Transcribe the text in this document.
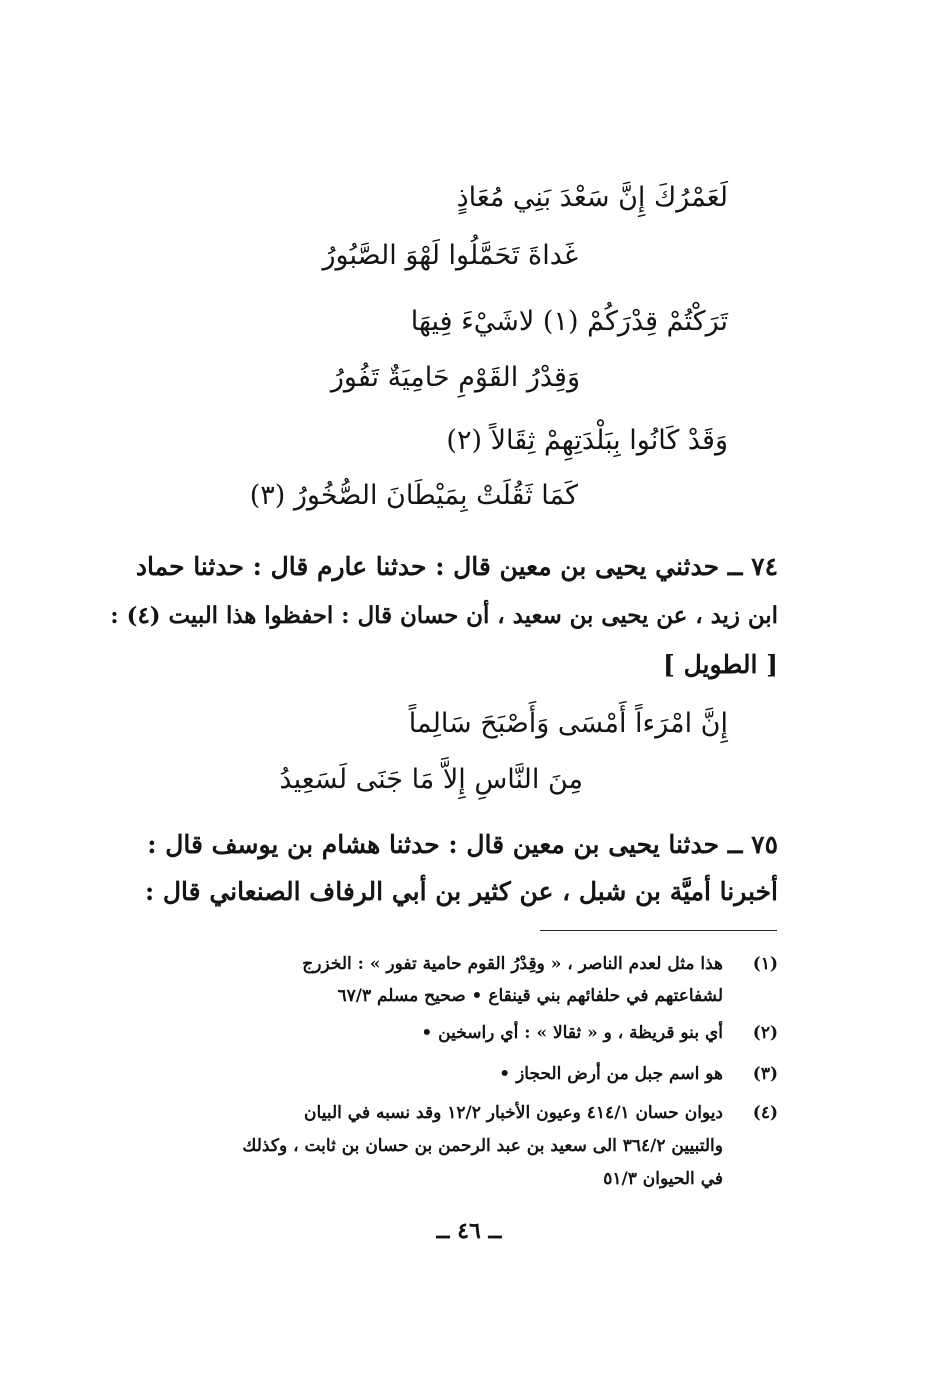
لَعَمْرُكَ إِنَّ سَعْدَ بَنِي مُعَاذٍ
غَداةَ تَحَمَّلُوا لَهْوَ الصَّبُورُ
تَرَكْتُمْ قِدْرَكُمْ (١) لاشَيْءَ فِيهَا
وَقِدْرُ القَوْمِ حَامِيَةٌ تَفُورُ
وَقَدْ كَانُوا بِبَلْدَتِهِمْ ثِقَالاً (٢)
كَمَا ثَقُلَتْ بِمَيْطَانَ الصُّخُورُ (٣)
٧٤ ــ حدثني يحيى بن معين قال : حدثنا عارم قال : حدثنا حماد
ابن زيد ، عن يحيى بن سعيد ، أن حسان قال : احفظوا هذا البيت (٤) :
[ الطويل ]
إِنَّ امْرَءاً أَمْسَى وَأَصْبَحَ سَالِماً
مِنَ النَّاسِ إِلاَّ مَا جَنَى لَسَعِيدُ
٧٥ ــ حدثنا يحيى بن معين قال : حدثنا هشام بن يوسف قال :
أخبرنا أميَّة بن شبل ، عن كثير بن أبي الرفاف الصنعاني قال :
(١)
هذا مثل لعدم الناصر ، « وقِدْرُ القوم حامية تفور » : الخزرج
لشفاعتهم في حلفائهم بني قينقاع • صحيح مسلم ٦٧/٣
(٢)
أي بنو قريظة ، و « ثقالا » : أي راسخين •
(٣)
هو اسم جبل من أرض الحجاز •
(٤)
ديوان حسان ٤١٤/١ وعيون الأخبار ١٢/٢ وقد نسبه في البيان
والتبيين ٣٦٤/٢ الى سعيد بن عبد الرحمن بن حسان بن ثابت ، وكذلك
في الحيوان ٥١/٣
ــ ٤٦ ــ
